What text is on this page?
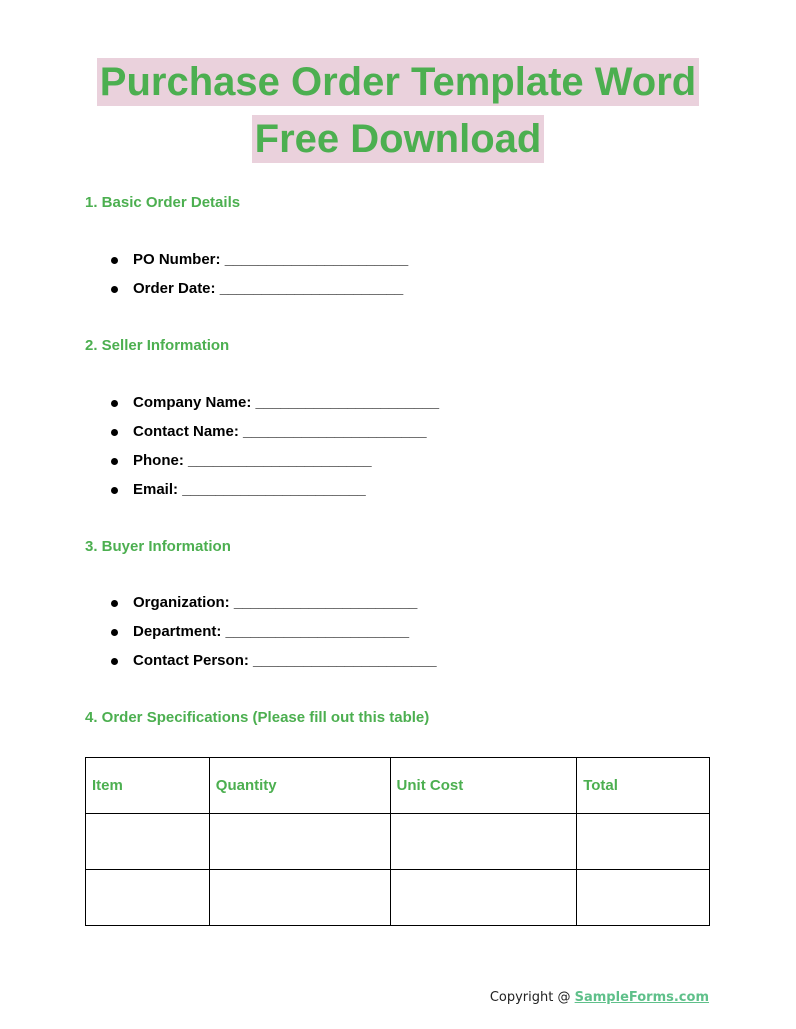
Purchase Order Template Word
Free Download
1. Basic Order Details
PO Number: ______________________
Order Date: ______________________
2. Seller Information
Company Name: ______________________
Contact Name: ______________________
Phone: ______________________
Email: ______________________
3. Buyer Information
Organization: ______________________
Department: ______________________
Contact Person: ______________________
4. Order Specifications (Please fill out this table)
Item	Quantity	Unit Cost	Total

Copyright @ SampleForms.com
